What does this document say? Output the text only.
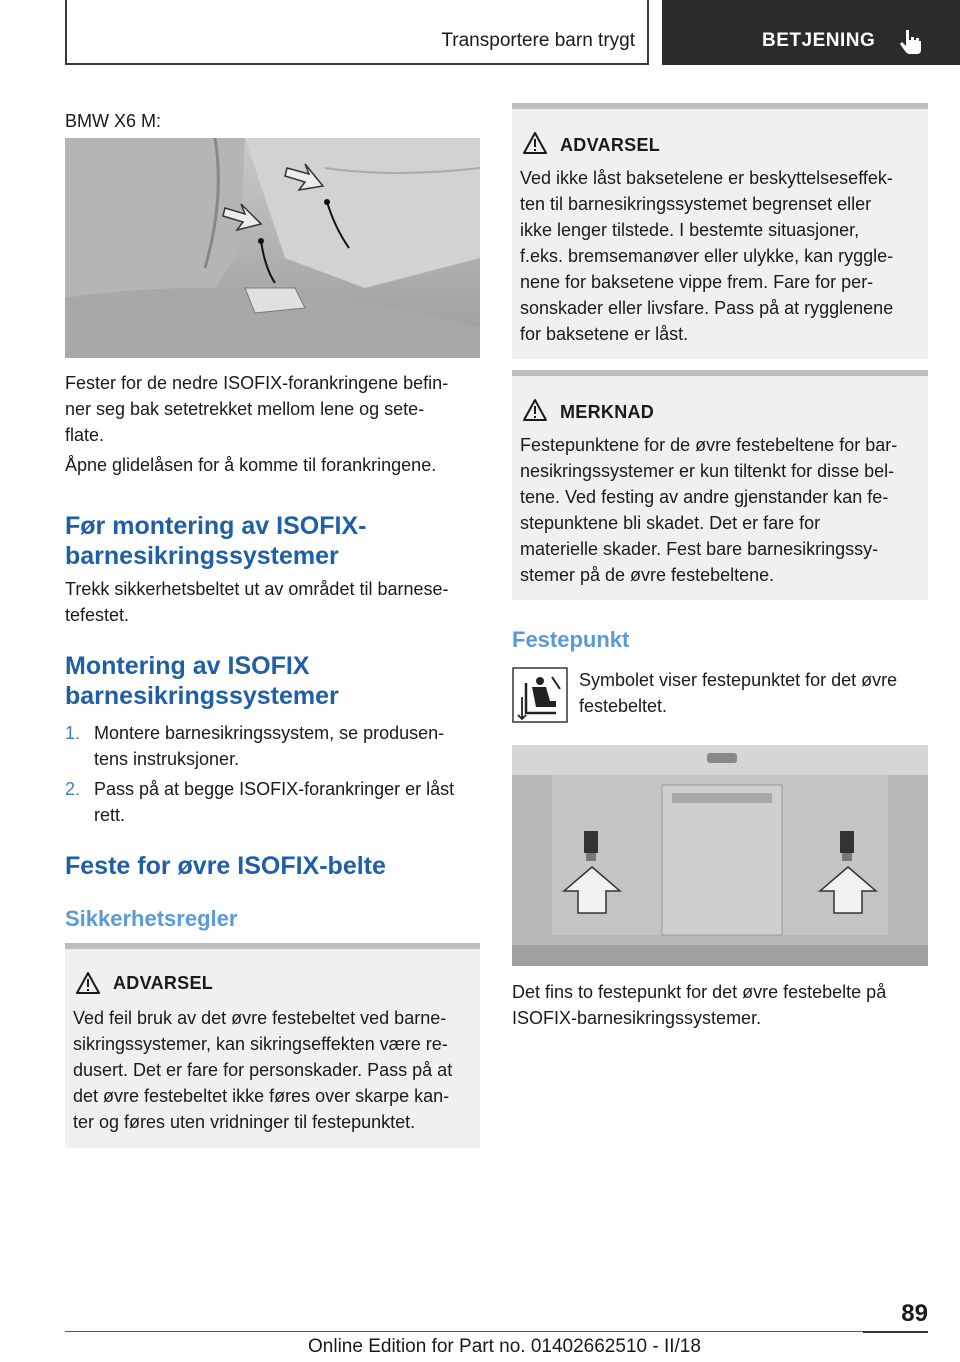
Transportere barn trygt	BETJENING
BMW X6 M:
Fester for de nedre ISOFIX-forankringene befin-
ner seg bak setetrekket mellom lene og sete-
flate.
Åpne glidelåsen for å komme til forankringene.
Før montering av ISOFIX-
barnesikringssystemer
Trekk sikkerhetsbeltet ut av området til barnese-
tefestet.
Montering av ISOFIX
barnesikringssystemer
1. Montere barnesikringssystem, se produsen-
tens instruksjoner.
2. Pass på at begge ISOFIX-forankringer er låst
rett.
Feste for øvre ISOFIX-belte
Sikkerhetsregler
ADVARSEL
Ved feil bruk av det øvre festebeltet ved barne-
sikringssystemer, kan sikringseffekten være re-
dusert. Det er fare for personskader. Pass på at
det øvre festebeltet ikke føres over skarpe kan-
ter og føres uten vridninger til festepunktet.
ADVARSEL
Ved ikke låst baksetelene er beskyttelseseffek-
ten til barnesikringssystemet begrenset eller
ikke lenger tilstede. I bestemte situasjoner,
f.eks. bremsemanøver eller ulykke, kan ryggle-
nene for baksetene vippe frem. Fare for per-
sonskader eller livsfare. Pass på at rygglenene
for baksetene er låst.
MERKNAD
Festepunktene for de øvre festebeltene for bar-
nesikringssystemer er kun tiltenkt for disse bel-
tene. Ved festing av andre gjenstander kan fe-
stepunktene bli skadet. Det er fare for
materielle skader. Fest bare barnesikringssy-
stemer på de øvre festebeltene.
Festepunkt
Symbolet viser festepunktet for det øvre
festebeltet.
Det fins to festepunkt for det øvre festebelte på
ISOFIX-barnesikringssystemer.
89
Online Edition for Part no. 01402662510 - II/18
